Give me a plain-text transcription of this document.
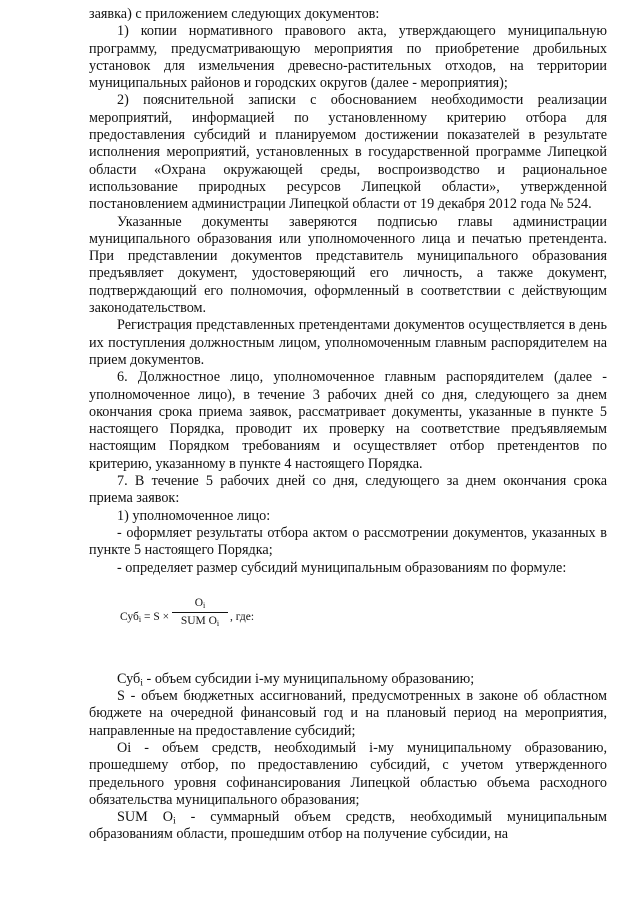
заявка) с приложением следующих документов:

1) копии нормативного правового акта, утверждающего муниципальную программу, предусматривающую мероприятия по приобретение дробильных установок для измельчения древесно-растительных отходов, на территории муниципальных районов и городских округов (далее - мероприятия);

2) пояснительной записки с обоснованием необходимости реализации мероприятий, информацией по установленному критерию отбора для предоставления субсидий и планируемом достижении показателей в результате исполнения мероприятий, установленных в государственной программе Липецкой области «Охрана окружающей среды, воспроизводство и рациональное использование природных ресурсов Липецкой области», утвержденной постановлением администрации Липецкой области от 19 декабря 2012 года № 524.

Указанные документы заверяются подписью главы администрации муниципального образования или уполномоченного лица и печатью претендента. При представлении документов представитель муниципального образования предъявляет документ, удостоверяющий его личность, а также документ, подтверждающий его полномочия, оформленный в соответствии с действующим законодательством.

Регистрация представленных претендентами документов осуществляется в день их поступления должностным лицом, уполномоченным главным распорядителем на прием документов.

6. Должностное лицо, уполномоченное главным распорядителем (далее - уполномоченное лицо), в течение 3 рабочих дней со дня, следующего за днем окончания срока приема заявок, рассматривает документы, указанные в пункте 5 настоящего Порядка, проводит их проверку на соответствие предъявляемым настоящим Порядком требованиям и осуществляет отбор претендентов по критерию, указанному в пункте 4 настоящего Порядка.

7. В течение 5 рабочих дней со дня, следующего за днем окончания срока приема заявок:

1) уполномоченное лицо:

- оформляет результаты отбора актом о рассмотрении документов, указанных в пункте 5 настоящего Порядка;

- определяет размер субсидий муниципальным образованиям по формуле:

Суб$_i$ = S ×
$O_i$
SUM $O_i$
, где:

Суб$_i$ - объем субсидии i-му муниципальному образованию;

S - объем бюджетных ассигнований, предусмотренных в законе об областном бюджете на очередной финансовый год и на плановый период на мероприятия, направленные на предоставление субсидий;

Oi - объем средств, необходимый i-му муниципальному образованию, прошедшему отбор, по предоставлению субсидий, с учетом утвержденного предельного уровня софинансирования Липецкой областью объема расходного обязательства муниципального образования;

SUM $O_i$ - суммарный объем средств, необходимый муниципальным образованиям области, прошедшим отбор на получение субсидии, на
